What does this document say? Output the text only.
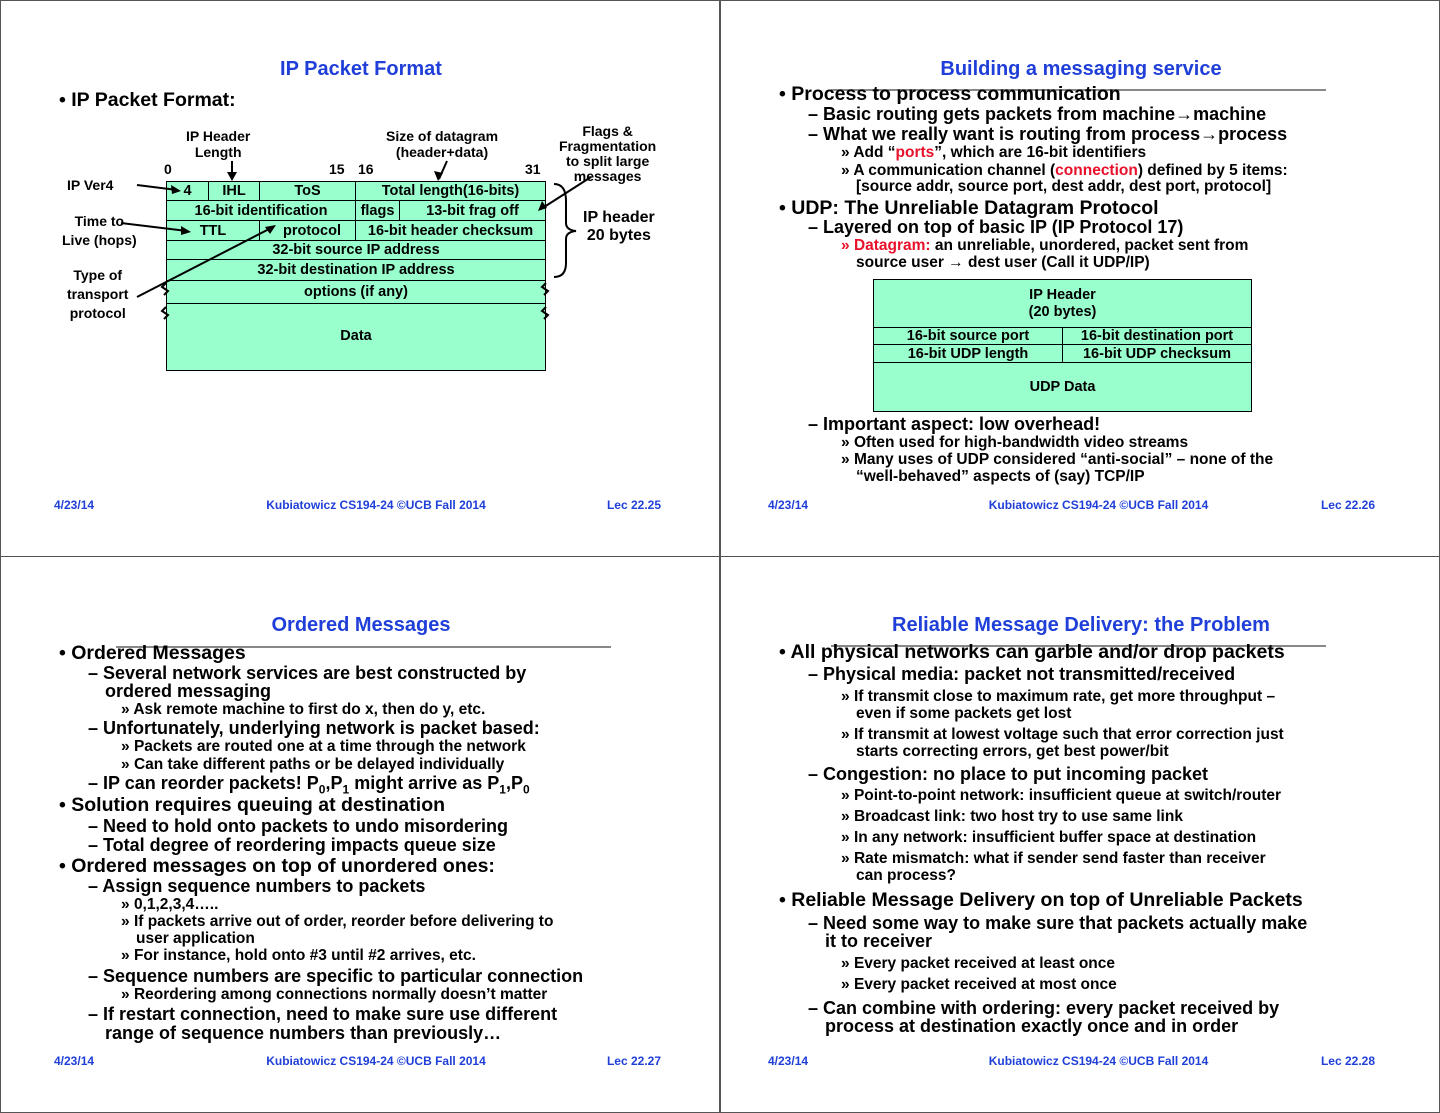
IP Packet Format
• IP Packet Format:
IP Header
Length
Size of datagram
(header+data)
Flags &
Fragmentation
to split large
messages
IP Ver4
Time to
Live (hops)
Type of
transport
protocol
IP header
20 bytes
0	15 16	31
4	IHL	ToS	Total length(16-bits)
16-bit identification	flags	13-bit frag off
TTL	protocol	16-bit header checksum
32-bit source IP address
32-bit destination IP address
options (if any)
Data
4/23/14	Kubiatowicz CS194-24 ©UCB Fall 2014	Lec 22.25
Building a messaging service
• Process to process communication
– Basic routing gets packets from machine→machine
– What we really want is routing from process→process
» Add “ports”, which are 16-bit identifiers
» A communication channel (connection) defined by 5 items:
[source addr, source port, dest addr, dest port, protocol]
• UDP: The Unreliable Datagram Protocol
– Layered on top of basic IP (IP Protocol 17)
» Datagram: an unreliable, unordered, packet sent from
source user → dest user (Call it UDP/IP)
– Important aspect: low overhead!
» Often used for high-bandwidth video streams
» Many uses of UDP considered “anti-social” – none of the
“well-behaved” aspects of (say) TCP/IP
IP Header
(20 bytes)
16-bit source port	16-bit destination port
16-bit UDP length	16-bit UDP checksum
UDP Data
4/23/14	Kubiatowicz CS194-24 ©UCB Fall 2014	Lec 22.26
Ordered Messages
• Ordered Messages
– Several network services are best constructed by
ordered messaging
» Ask remote machine to first do x, then do y, etc.
– Unfortunately, underlying network is packet based:
» Packets are routed one at a time through the network
» Can take different paths or be delayed individually
– IP can reorder packets! $P_0,P_1$ might arrive as $P_1,P_0$
• Solution requires queuing at destination
– Need to hold onto packets to undo misordering
– Total degree of reordering impacts queue size
• Ordered messages on top of unordered ones:
– Assign sequence numbers to packets
» 0,1,2,3,4…..
» If packets arrive out of order, reorder before delivering to
user application
» For instance, hold onto #3 until #2 arrives, etc.
– Sequence numbers are specific to particular connection
» Reordering among connections normally doesn’t matter
– If restart connection, need to make sure use different
range of sequence numbers than previously…
4/23/14	Kubiatowicz CS194-24 ©UCB Fall 2014	Lec 22.27
Reliable Message Delivery: the Problem
• All physical networks can garble and/or drop packets
– Physical media: packet not transmitted/received
» If transmit close to maximum rate, get more throughput –
even if some packets get lost
» If transmit at lowest voltage such that error correction just
starts correcting errors, get best power/bit
– Congestion: no place to put incoming packet
» Point-to-point network: insufficient queue at switch/router
» Broadcast link: two host try to use same link
» In any network: insufficient buffer space at destination
» Rate mismatch: what if sender send faster than receiver
can process?
• Reliable Message Delivery on top of Unreliable Packets
– Need some way to make sure that packets actually make
it to receiver
» Every packet received at least once
» Every packet received at most once
– Can combine with ordering: every packet received by
process at destination exactly once and in order
4/23/14	Kubiatowicz CS194-24 ©UCB Fall 2014	Lec 22.28
